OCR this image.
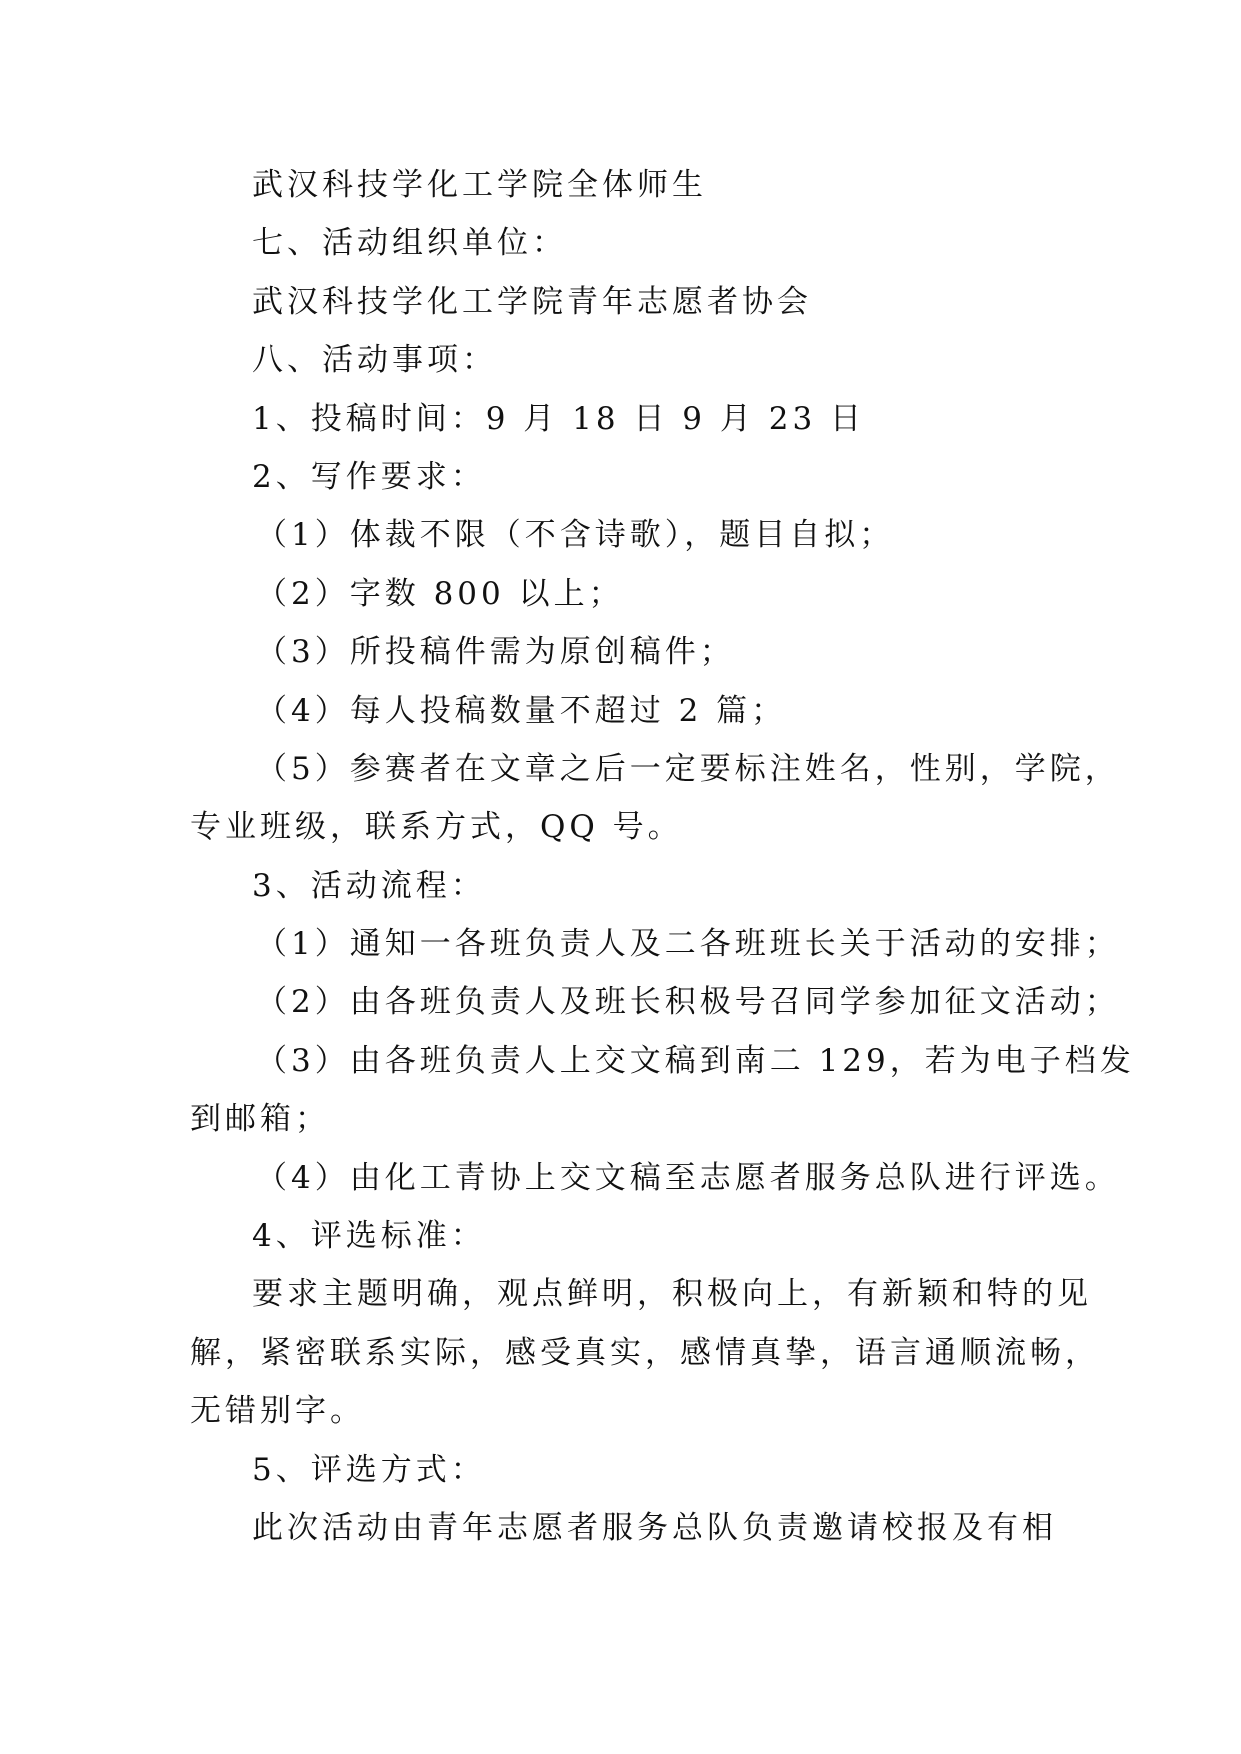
武汉科技学化工学院全体师生
七、活动组织单位：
武汉科技学化工学院青年志愿者协会
八、活动事项：
1、投稿时间：9 月 18 日 9 月 23 日
2、写作要求：
（1）体裁不限（不含诗歌），题目自拟；
（2）字数 800 以上；
（3）所投稿件需为原创稿件；
（4）每人投稿数量不超过 2 篇；
（5）参赛者在文章之后一定要标注姓名，性别，学院，
专业班级，联系方式，QQ 号。
3、活动流程：
（1）通知一各班负责人及二各班班长关于活动的安排；
（2）由各班负责人及班长积极号召同学参加征文活动；
（3）由各班负责人上交文稿到南二 129，若为电子档发
到邮箱；
（4）由化工青协上交文稿至志愿者服务总队进行评选。
4、评选标准：
要求主题明确，观点鲜明，积极向上，有新颖和特的见
解，紧密联系实际，感受真实，感情真挚，语言通顺流畅，
无错别字。
5、评选方式：
此次活动由青年志愿者服务总队负责邀请校报及有相
